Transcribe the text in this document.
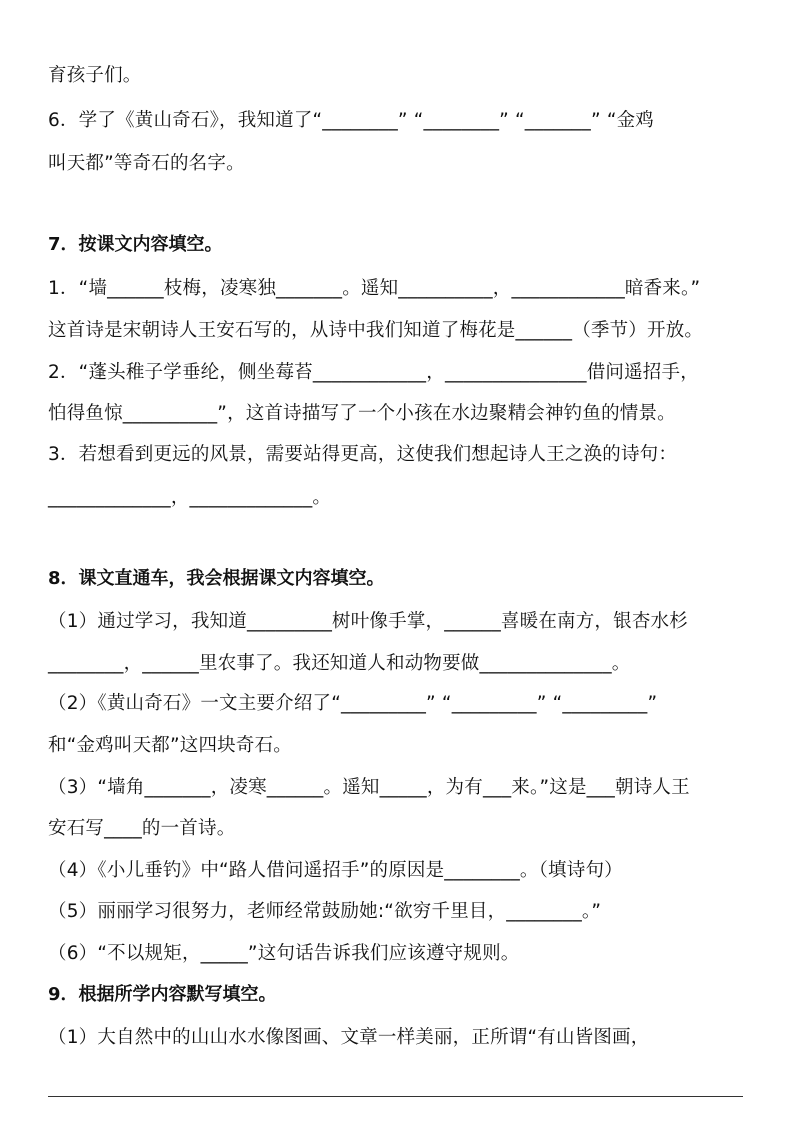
育孩子们。
6．学了《黄山奇石》，我知道了“________” “________” “_______” “金鸡
叫天都”等奇石的名字。
7．按课文内容填空。
1．“墙______枝梅，凌寒独_______。遥知__________，____________暗香来。”
这首诗是宋朝诗人王安石写的，从诗中我们知道了梅花是______（季节）开放。
2．“蓬头稚子学垂纶，侧坐莓苔____________，_______________借问遥招手，
怕得鱼惊__________”，这首诗描写了一个小孩在水边聚精会神钓鱼的情景。
3．若想看到更远的风景，需要站得更高，这使我们想起诗人王之涣的诗句：
_____________，_____________。
8．课文直通车，我会根据课文内容填空。
（1）通过学习，我知道_________树叶像手掌，______喜暖在南方，银杏水杉
________，______里农事了。我还知道人和动物要做______________。
（2）《黄山奇石》一文主要介绍了“_________” “_________” “_________”
和“金鸡叫天都”这四块奇石。
（3）“墙角_______，凌寒______。遥知_____，为有___来。”这是___朝诗人王
安石写____的一首诗。
（4）《小儿垂钓》中“路人借问遥招手”的原因是________。（填诗句）
（5）丽丽学习很努力，老师经常鼓励她:“欲穷千里目，________。”
（6）“不以规矩，_____”这句话告诉我们应该遵守规则。
9．根据所学内容默写填空。
（1）大自然中的山山水水像图画、文章一样美丽，正所谓“有山皆图画，
